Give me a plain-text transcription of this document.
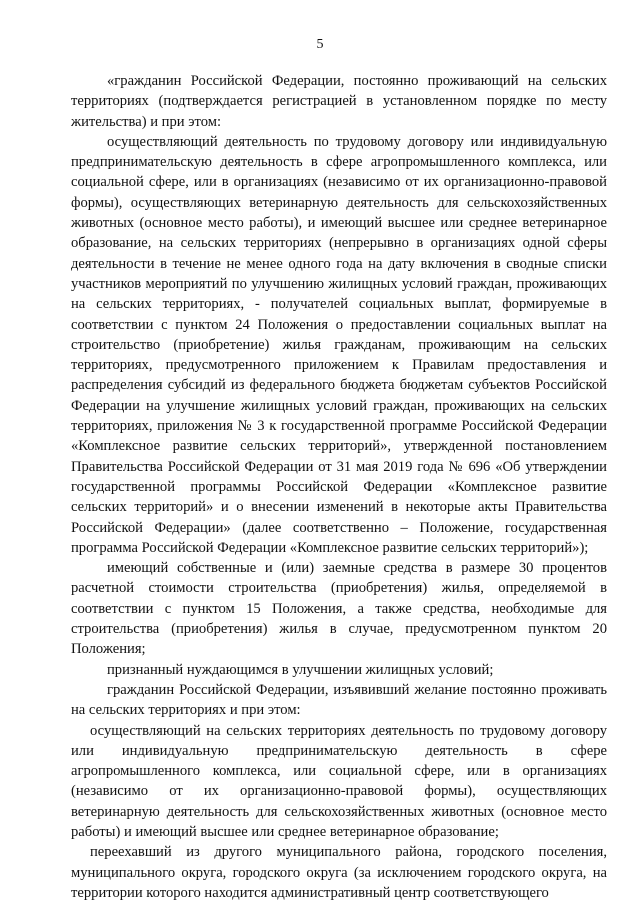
5

«гражданин Российской Федерации, постоянно проживающий на сельских территориях (подтверждается регистрацией в установленном порядке по месту жительства) и при этом:

осуществляющий деятельность по трудовому договору или индивидуальную предпринимательскую деятельность в сфере агропромышленного комплекса, или социальной сфере, или в организациях (независимо от их организационно-правовой формы), осуществляющих ветеринарную деятельность для сельскохозяйственных животных (основное место работы), и имеющий высшее или среднее ветеринарное образование, на сельских территориях (непрерывно в организациях одной сферы деятельности в течение не менее одного года на дату включения в сводные списки участников мероприятий по улучшению жилищных условий граждан, проживающих на сельских территориях, - получателей социальных выплат, формируемые в соответствии с пунктом 24 Положения о предоставлении социальных выплат на строительство (приобретение) жилья гражданам, проживающим на сельских территориях, предусмотренного приложением к Правилам предоставления и распределения субсидий из федерального бюджета бюджетам субъектов Российской Федерации на улучшение жилищных условий граждан, проживающих на сельских территориях, приложения № 3 к государственной программе Российской Федерации «Комплексное развитие сельских территорий», утвержденной постановлением Правительства Российской Федерации от 31 мая 2019 года № 696 «Об утверждении государственной программы Российской Федерации «Комплексное развитие сельских территорий» и о внесении изменений в некоторые акты Правительства Российской Федерации» (далее соответственно – Положение, государственная программа Российской Федерации «Комплексное развитие сельских территорий»);

имеющий собственные и (или) заемные средства в размере 30 процентов расчетной стоимости строительства (приобретения) жилья, определяемой в соответствии с пунктом 15 Положения, а также средства, необходимые для строительства (приобретения) жилья в случае, предусмотренном пунктом 20 Положения;

признанный нуждающимся в улучшении жилищных условий;

гражданин Российской Федерации, изъявивший желание постоянно проживать на сельских территориях и при этом:

осуществляющий на сельских территориях деятельность по трудовому договору или индивидуальную предпринимательскую деятельность в сфере агропромышленного комплекса, или социальной сфере, или в организациях (независимо от их организационно-правовой формы), осуществляющих ветеринарную деятельность для сельскохозяйственных животных (основное место работы) и имеющий высшее или среднее ветеринарное образование;

переехавший из другого муниципального района, городского поселения, муниципального округа, городского округа (за исключением городского округа, на территории которого находится административный центр соответствующего
